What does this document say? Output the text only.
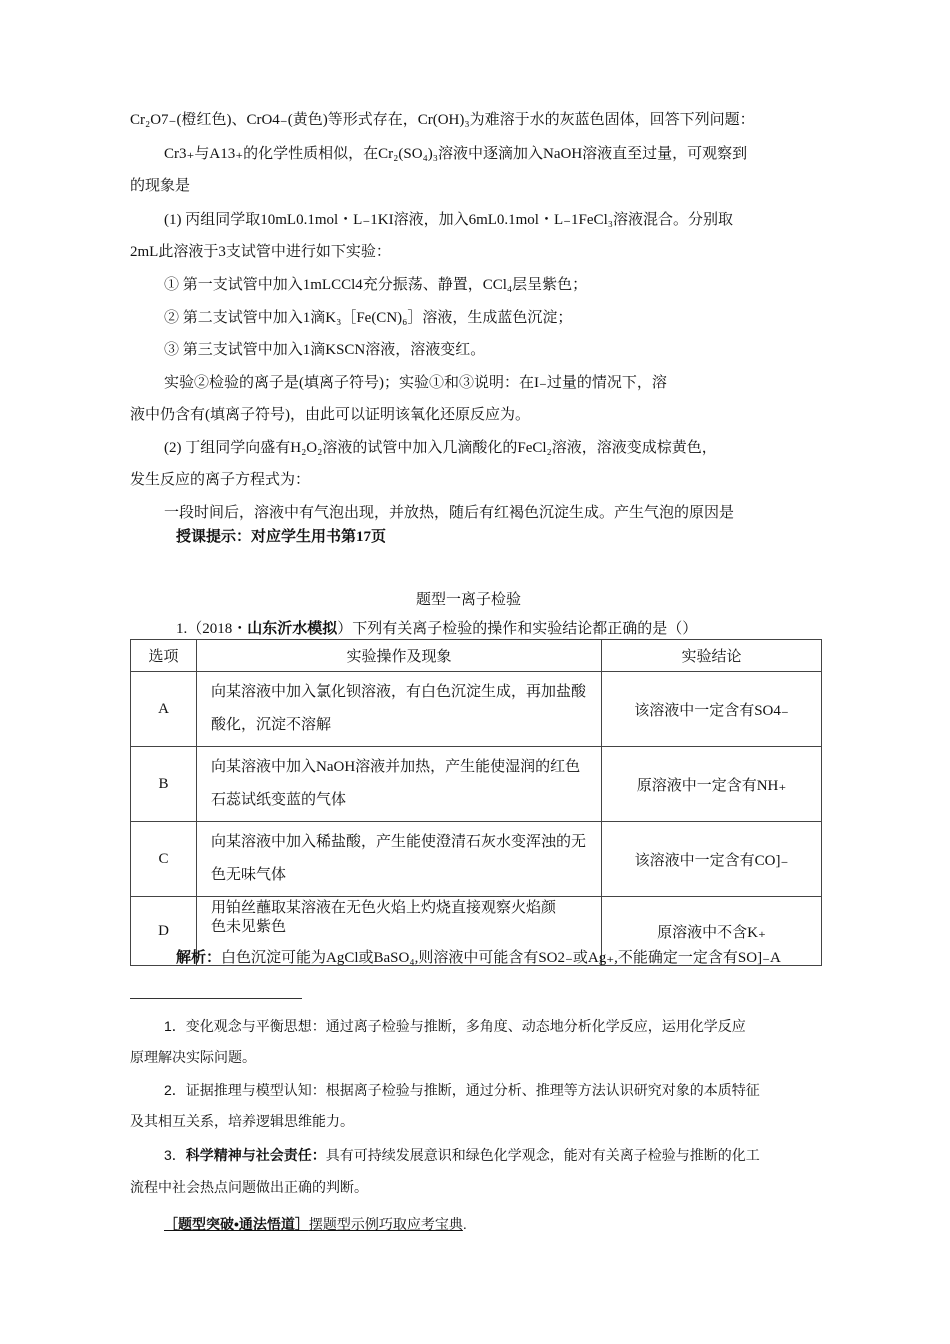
Cr₂O7₋(橙红色)、CrO4₋(黄色)等形式存在，Cr(OH)₃为难溶于水的灰蓝色固体，回答下列问题：
Cr3₊与A13₊的化学性质相似，在Cr₂(SO₄)₃溶液中逐滴加入NaOH溶液直至过量，可观察到
的现象是
(1) 丙组同学取10mL0.1mol・L₋1KI溶液，加入6mL0.1mol・L₋1FeCl₃溶液混合。分别取
2mL此溶液于3支试管中进行如下实验：
① 第一支试管中加入1mLCCl4充分振荡、静置，CCl₄层呈紫色；
② 第二支试管中加入1滴K₃［Fe(CN)₆］溶液，生成蓝色沉淀；
③ 第三支试管中加入1滴KSCN溶液，溶液变红。
实验②检验的离子是(填离子符号)；实验①和③说明：在I₋过量的情况下，溶
液中仍含有(填离子符号)，由此可以证明该氧化还原反应为。
(2) 丁组同学向盛有H₂O₂溶液的试管中加入几滴酸化的FeCl₂溶液，溶液变成棕黄色，
发生反应的离子方程式为：
一段时间后，溶液中有气泡出现，并放热，随后有红褐色沉淀生成。产生气泡的原因是
授课提示：对应学生用书第17页
题型一离子检验
1.（2018・山东沂水模拟）下列有关离子检验的操作和实验结论都正确的是（）
选项	实验操作及现象	实验结论
A	向某溶液中加入氯化钡溶液，有白色沉淀生成，再加盐酸酸化，沉淀不溶解	该溶液中一定含有SO4₋
B	向某溶液中加入NaOH溶液并加热，产生能使湿润的红色石蕊试纸变蓝的气体	原溶液中一定含有NH₊
C	向某溶液中加入稀盐酸，产生能使澄清石灰水变浑浊的无色无味气体	该溶液中一定含有CO]₋
D	用铂丝蘸取某溶液在无色火焰上灼烧直接观察火焰颜
色未见紫色	原溶液中不含K₊
解析：白色沉淀可能为AgCl或BaSO₄,则溶液中可能含有SO2₋或Ag₊,不能确定一定含有SO]₋A
1．变化观念与平衡思想：通过离子检验与推断，多角度、动态地分析化学反应，运用化学反应
原理解决实际问题。
2．证据推理与模型认知：根据离子检验与推断，通过分析、推理等方法认识研究对象的本质特征
及其相互关系，培养逻辑思维能力。
3．科学精神与社会责任：具有可持续发展意识和绿色化学观念，能对有关离子检验与推断的化工
流程中社会热点问题做出正确的判断。
［题型突破•通法悟道］摆题型示例巧取应考宝典.
